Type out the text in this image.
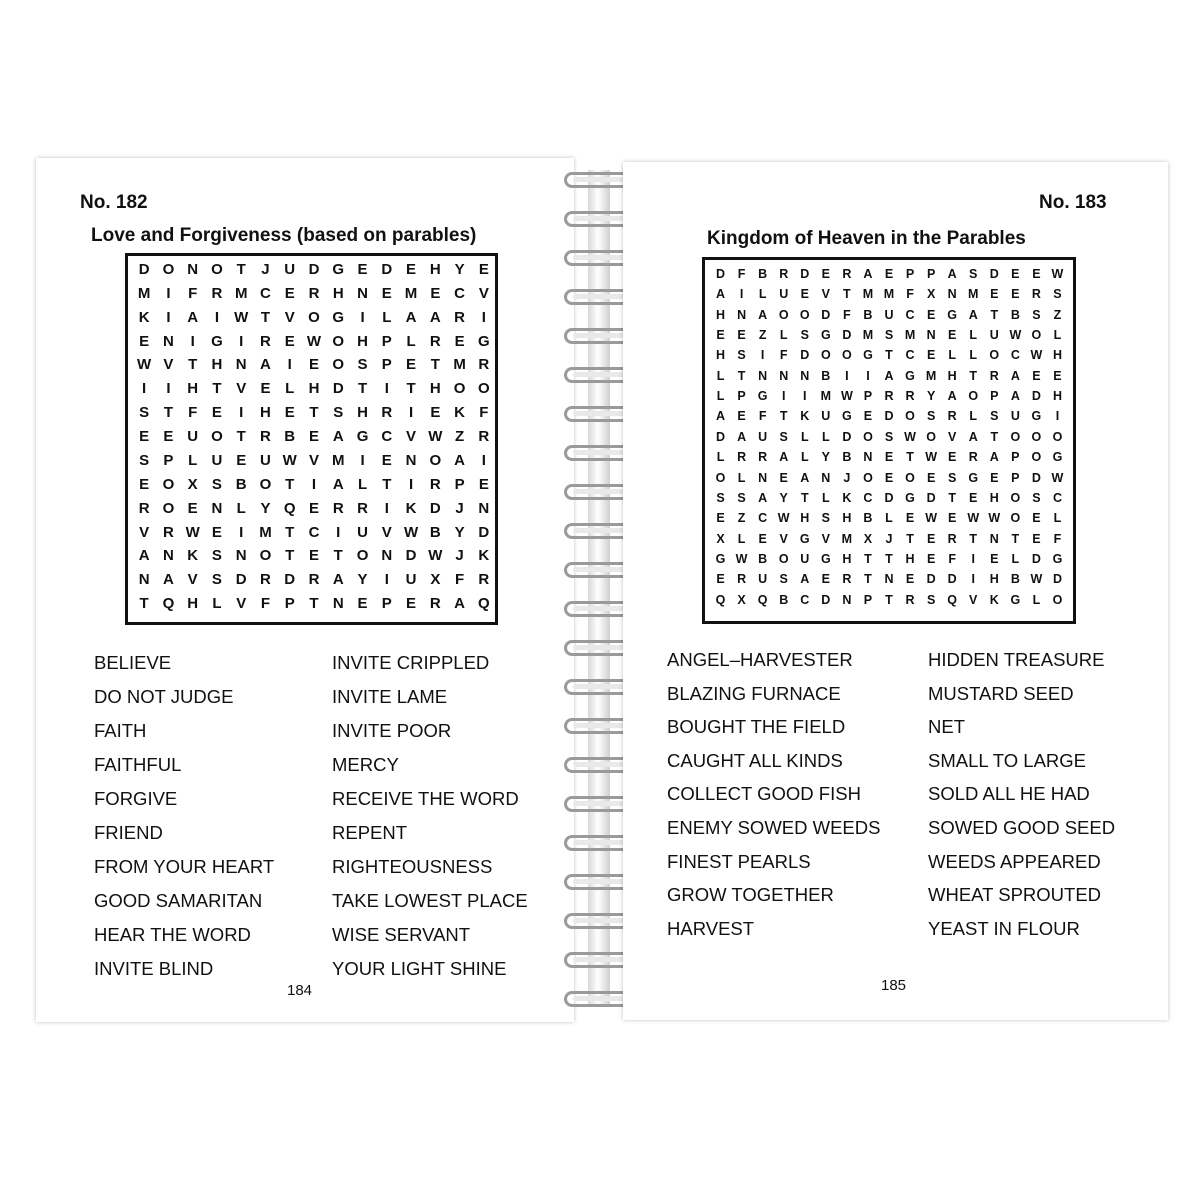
No. 182
Love and Forgiveness (based on parables)
D O N O T	J U D G E D E H Y E
M	I	F R M C E R H N E M E C V
K	I	A	I	W T V O G	I	L A A R	I
E N	I	G	I	R E W O H P L R E G
W V T H N A	I	E O S P E T M R
I	I	H T V E L H D T	I	T H O O
S T	F E	I	H E T S H R	I	E K F
E E U O T R B E A G C V W Z R
S P L U E U W V M	I	E N O A	I
E O X S B O T	I	A L	T	I	R P E
R O E N L Y Q E R R	I	K D J N
V R W E	I	M T C	I	U V W B Y D
A N K S N O T E T O N D W J K
N A V S D R D R A Y	I	U X F R
T Q H L V F P T N E P E R A Q
BELIEVE
DO NOT JUDGE
FAITH
FAITHFUL
FORGIVE
FRIEND
FROM YOUR HEART
GOOD SAMARITAN
HEAR THE WORD
INVITE BLIND
INVITE CRIPPLED
INVITE LAME
INVITE POOR
MERCY
RECEIVE THE WORD
REPENT
RIGHTEOUSNESS
TAKE LOWEST PLACE
WISE SERVANT
YOUR LIGHT SHINE
184
No. 183
Kingdom of Heaven in the Parables
D	F	B R D E R A E	P	P A S D E	E W
A	I	L	U E	V	T M M F	X N M E	E R S
H N A O O D	F	B U C E G A	T	B S	Z
E	E	Z	L	S G D M S M N E	L	U W O L
H S	I	F	D O O G T	C E	L	L O C W H
L	T	N N N B	I	I	A G M H	T	R A E	E
L	P G	I	I	M W P R R Y A O P A D H
A E	F	T	K U G E D O S R	L	S U G	I
D A U S	L	L	D O S W O V A	T O O O
L	R R A	L	Y B N E	T W E R A P O G
O L	N E A N	J	O E O E	S G E	P D W
S	S A Y	T	L	K C D G D	T	E H O S C
E	Z	C W H S H B	L	E W E W W O E	L
X	L	E	V G V M X	J	T	E R	T	N	T	E	F
G W B O U G H	T	T	H E	F	I	E	L	D G
E R U S A E R	T	N E D D	I	H B W D
Q X Q B C D N P	T	R S Q V K G L O
ANGEL–HARVESTER
BLAZING FURNACE
BOUGHT THE FIELD
CAUGHT ALL KINDS
COLLECT GOOD FISH
ENEMY SOWED WEEDS
FINEST PEARLS
GROW TOGETHER
HARVEST
HIDDEN TREASURE
MUSTARD SEED
NET
SMALL TO LARGE
SOLD ALL HE HAD
SOWED GOOD SEED
WEEDS APPEARED
WHEAT SPROUTED
YEAST IN FLOUR
185
